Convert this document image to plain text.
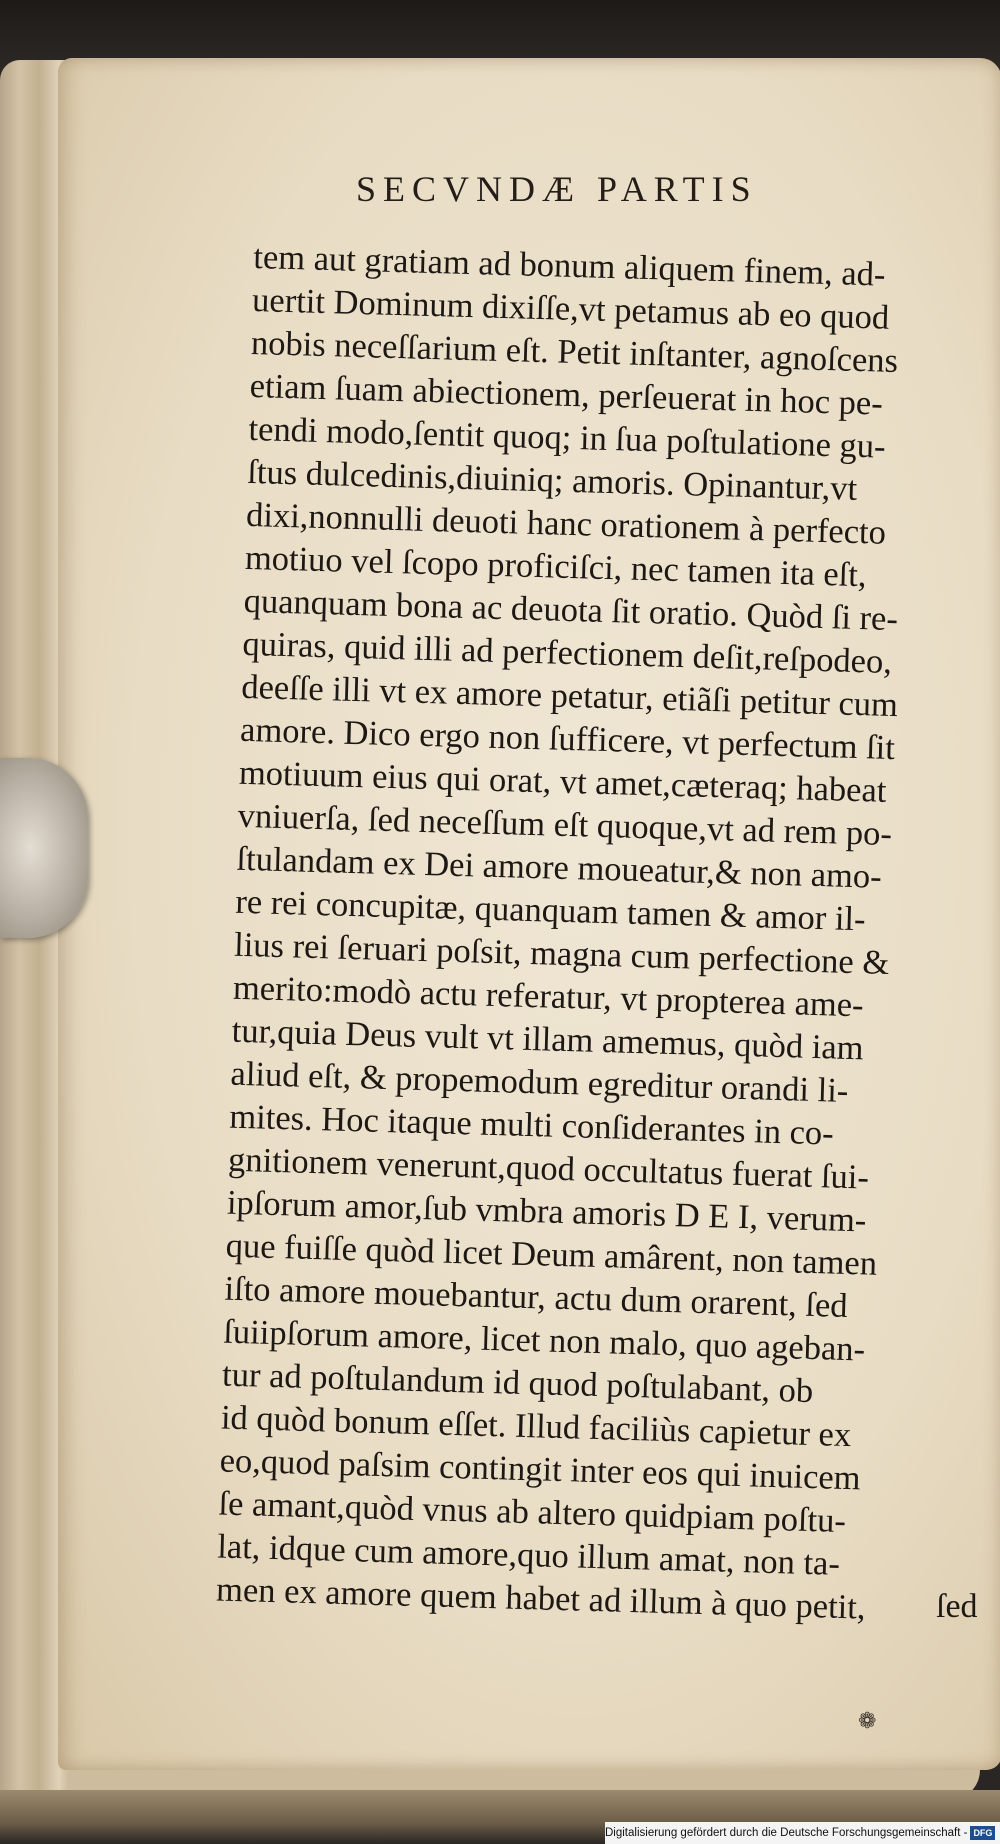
SECVNDÆ PARTIS
tem aut gratiam ad bonum aliquem finem, ad-
uertit Dominum dixiſſe,vt petamus ab eo quod
nobis neceſſarium eſt. Petit inſtanter, agnoſcens
etiam ſuam abiectionem, perſeuerat in hoc pe-
tendi modo,ſentit quoq; in ſua poſtulatione gu-
ſtus dulcedinis,diuiniq; amoris. Opinantur,vt
dixi,nonnulli deuoti hanc orationem à perfecto
motiuo vel ſcopo proficiſci, nec tamen ita eſt,
quanquam bona ac deuota ſit oratio. Quòd ſi re-
quiras, quid illi ad perfectionem deſit,reſpodeo,
deeſſe illi vt ex amore petatur, etiãſi petitur cum
amore. Dico ergo non ſufficere, vt perfectum ſit
motiuum eius qui orat, vt amet,cæteraq; habeat
vniuerſa, ſed neceſſum eſt quoque,vt ad rem po-
ſtulandam ex Dei amore moueatur,& non amo-
re rei concupitæ, quanquam tamen & amor il-
lius rei ſeruari poſsit, magna cum perfectione &
merito:modò actu referatur, vt propterea ame-
tur,quia Deus vult vt illam amemus, quòd iam
aliud eſt, & propemodum egreditur orandi li-
mites. Hoc itaque multi conſiderantes in co-
gnitionem venerunt,quod occultatus fuerat ſui-
ipſorum amor,ſub vmbra amoris D E I, verum-
que fuiſſe quòd licet Deum amârent, non tamen
iſto amore mouebantur, actu dum orarent, ſed
ſuiipſorum amore, licet non malo, quo ageban-
tur ad poſtulandum id quod poſtulabant, ob
id quòd bonum eſſet. Illud faciliùs capietur ex
eo,quod paſsim contingit inter eos qui inuicem
ſe amant,quòd vnus ab altero quidpiam poſtu-
lat, idque cum amore,quo illum amat, non ta-
men ex amore quem habet ad illum à quo petit,	ſed
❁
Digitalisierung gefördert durch die Deutsche Forschungsgemeinschaft - DFG
